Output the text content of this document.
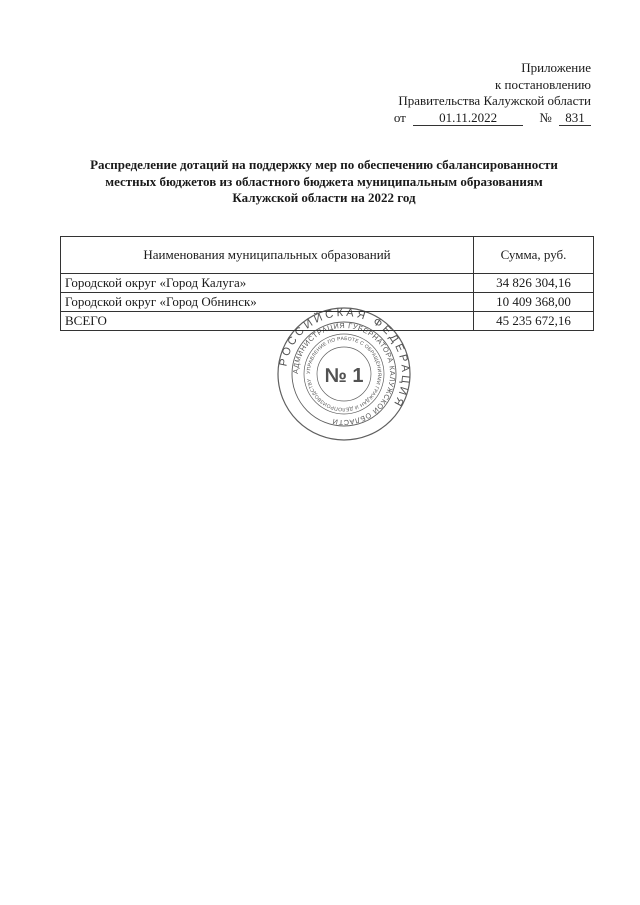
Приложение
к постановлению
Правительства Калужской области
от	01.11.2022	№ 831
Распределение дотаций на поддержку мер по обеспечению сбалансированности
местных бюджетов из областного бюджета муниципальным образованиям
Калужской области на 2022 год
Наименования муниципальных образований	Сумма, руб.
Городской округ «Город Калуга»	34 826 304,16
Городской округ «Город Обнинск»	10 409 368,00
ВСЕГО	45 235 672,16
РОССИЙСКАЯ ФЕДЕРАЦИЯ
АДМИНИСТРАЦИЯ ГУБЕРНАТОРА КАЛУЖСКОЙ ОБЛАСТИ
УПРАВЛЕНИЕ ПО РАБОТЕ С ОБРАЩЕНИЯМИ ГРАЖДАН И ДЕЛОПРОИЗВОДСТВУ № 1
